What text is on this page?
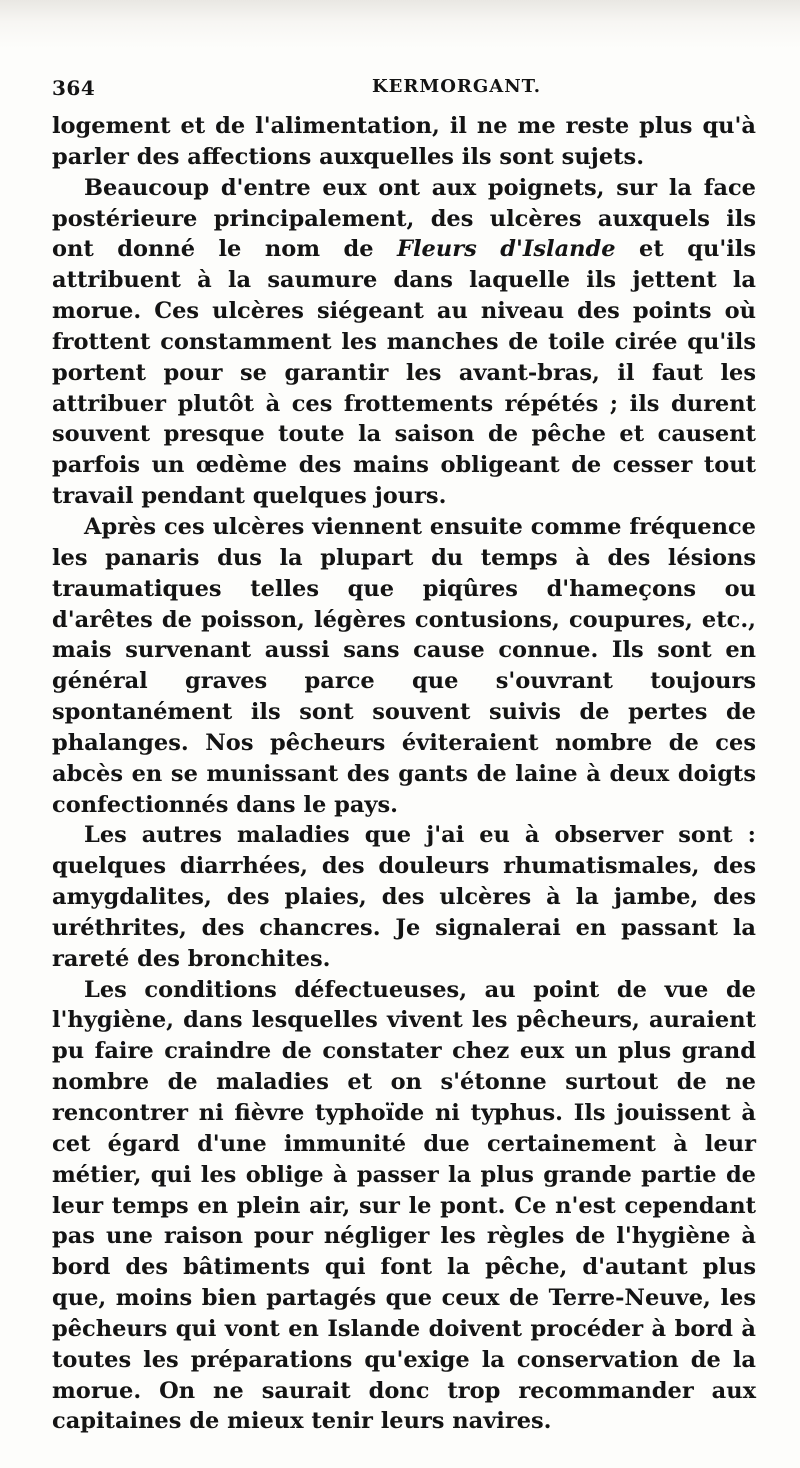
364	KERMORGANT.

logement et de l'alimentation, il ne me reste plus qu'à parler des affections auxquelles ils sont sujets.

Beaucoup d'entre eux ont aux poignets, sur la face postérieure principalement, des ulcères auxquels ils ont donné le nom de Fleurs d'Islande et qu'ils attribuent à la saumure dans laquelle ils jettent la morue. Ces ulcères siégeant au niveau des points où frottent constamment les manches de toile cirée qu'ils portent pour se garantir les avant-bras, il faut les attribuer plutôt à ces frottements répétés ; ils durent souvent presque toute la saison de pêche et causent parfois un œdème des mains obligeant de cesser tout travail pendant quelques jours.

Après ces ulcères viennent ensuite comme fréquence les panaris dus la plupart du temps à des lésions traumatiques telles que piqûres d'hameçons ou d'arêtes de poisson, légères contusions, coupures, etc., mais survenant aussi sans cause connue. Ils sont en général graves parce que s'ouvrant toujours spontanément ils sont souvent suivis de pertes de phalanges. Nos pêcheurs éviteraient nombre de ces abcès en se munissant des gants de laine à deux doigts confectionnés dans le pays.

Les autres maladies que j'ai eu à observer sont : quelques diarrhées, des douleurs rhumatismales, des amygdalites, des plaies, des ulcères à la jambe, des uréthrites, des chancres. Je signalerai en passant la rareté des bronchites.

Les conditions défectueuses, au point de vue de l'hygiène, dans lesquelles vivent les pêcheurs, auraient pu faire craindre de constater chez eux un plus grand nombre de maladies et on s'étonne surtout de ne rencontrer ni fièvre typhoïde ni typhus. Ils jouissent à cet égard d'une immunité due certainement à leur métier, qui les oblige à passer la plus grande partie de leur temps en plein air, sur le pont. Ce n'est cependant pas une raison pour négliger les règles de l'hygiène à bord des bâtiments qui font la pêche, d'autant plus que, moins bien partagés que ceux de Terre-Neuve, les pêcheurs qui vont en Islande doivent procéder à bord à toutes les préparations qu'exige la conservation de la morue. On ne saurait donc trop recommander aux capitaines de mieux tenir leurs navires.
